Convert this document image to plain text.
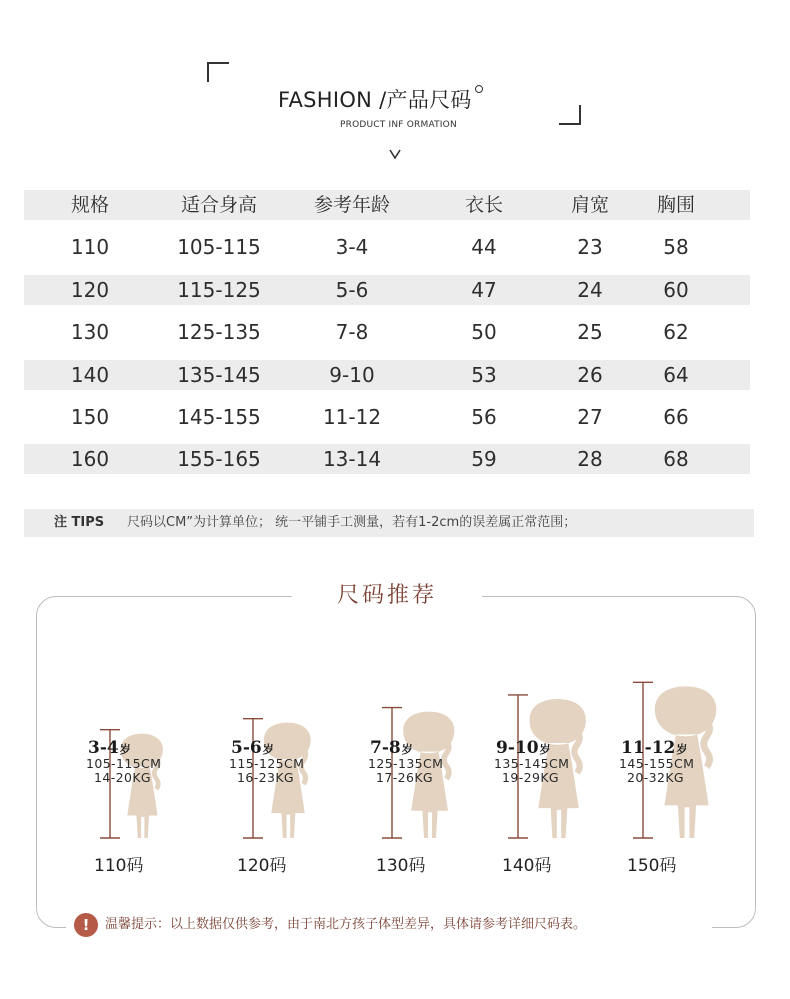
FASHION /产品尺码
PRODUCT INF ORMATION
规格	适合身高	参考年龄	衣长	肩宽	胸围
110	105-115	3-4	44	23	58
120	115-125	5-6	47	24	60
130	125-135	7-8	50	25	62
140	135-145	9-10	53	26	64
150	145-155	11-12	56	27	66
160	155-165	13-14	59	28	68
注 TIPS 尺码以CM”为计算单位； 统一平铺手工测量，若有1-2cm的误差属正常范围；
尺码推荐
3-4岁
105-115CM
14-20KG
110码
5-6岁
115-125CM
16-23KG
120码
7-8岁
125-135CM
17-26KG
130码
9-10岁
135-145CM
19-29KG
140码
11-12岁
145-155CM
20-32KG
150码
!	温馨提示：以上数据仅供参考，由于南北方孩子体型差异，具体请参考详细尺码表。
